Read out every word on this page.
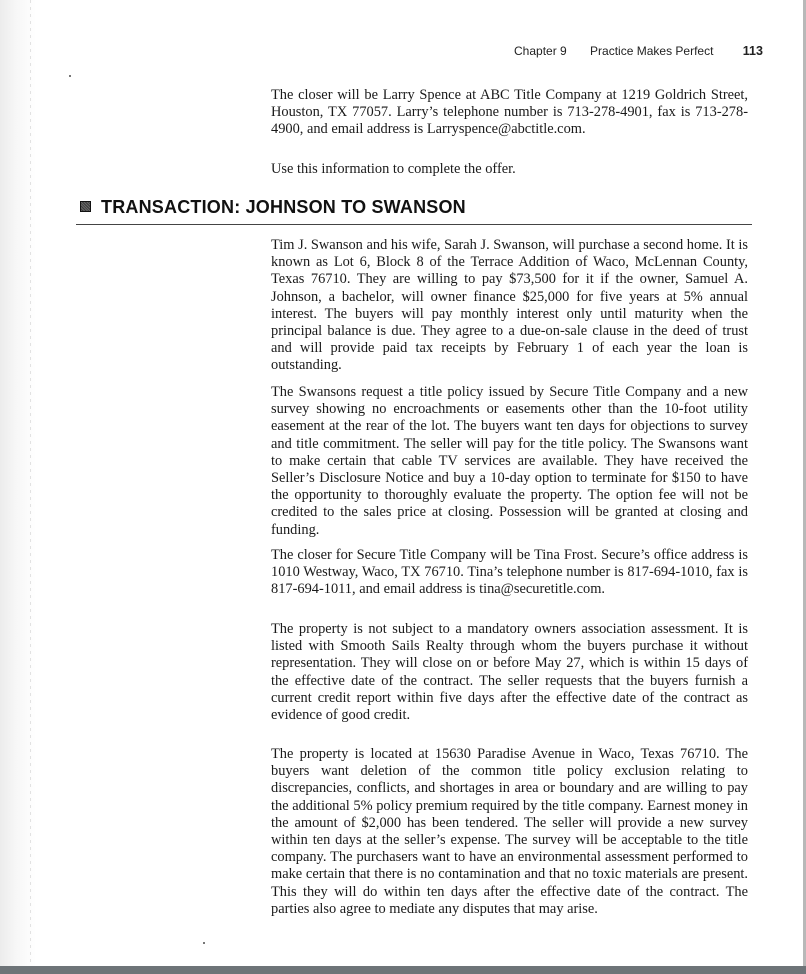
Chapter 9 Practice Makes Perfect 113

The closer will be Larry Spence at ABC Title Company at 1219 Goldrich Street, Houston, TX 77057. Larry’s telephone number is 713-278-4901, fax is 713-278-4900, and email address is Larryspence@abctitle.com.

Use this information to complete the offer.

TRANSACTION: JOHNSON TO SWANSON

Tim J. Swanson and his wife, Sarah J. Swanson, will purchase a second home. It is known as Lot 6, Block 8 of the Terrace Addition of Waco, McLennan County, Texas 76710. They are willing to pay $73,500 for it if the owner, Samuel A. Johnson, a bachelor, will owner finance $25,000 for five years at 5% annual interest. The buyers will pay monthly interest only until maturity when the principal balance is due. They agree to a due-on-sale clause in the deed of trust and will provide paid tax receipts by February 1 of each year the loan is outstanding.

The Swansons request a title policy issued by Secure Title Company and a new survey showing no encroachments or easements other than the 10-foot utility easement at the rear of the lot. The buyers want ten days for objections to survey and title commitment. The seller will pay for the title policy. The Swansons want to make certain that cable TV services are available. They have received the Seller’s Disclosure Notice and buy a 10-day option to terminate for $150 to have the opportunity to thoroughly evaluate the property. The option fee will not be credited to the sales price at closing. Possession will be granted at closing and funding.

The closer for Secure Title Company will be Tina Frost. Secure’s office address is 1010 Westway, Waco, TX 76710. Tina’s telephone number is 817-694-1010, fax is 817-694-1011, and email address is tina@securetitle.com.

The property is not subject to a mandatory owners association assessment. It is listed with Smooth Sails Realty through whom the buyers purchase it without representation. They will close on or before May 27, which is within 15 days of the effective date of the contract. The seller requests that the buyers furnish a current credit report within five days after the effective date of the contract as evidence of good credit.

The property is located at 15630 Paradise Avenue in Waco, Texas 76710. The buyers want deletion of the common title policy exclusion relating to discrepancies, conflicts, and shortages in area or boundary and are willing to pay the additional 5% policy premium required by the title company. Earnest money in the amount of $2,000 has been tendered. The seller will provide a new survey within ten days at the seller’s expense. The survey will be acceptable to the title company. The purchasers want to have an environmental assessment performed to make certain that there is no contamination and that no toxic materials are present. This they will do within ten days after the effective date of the contract. The parties also agree to mediate any disputes that may arise.
